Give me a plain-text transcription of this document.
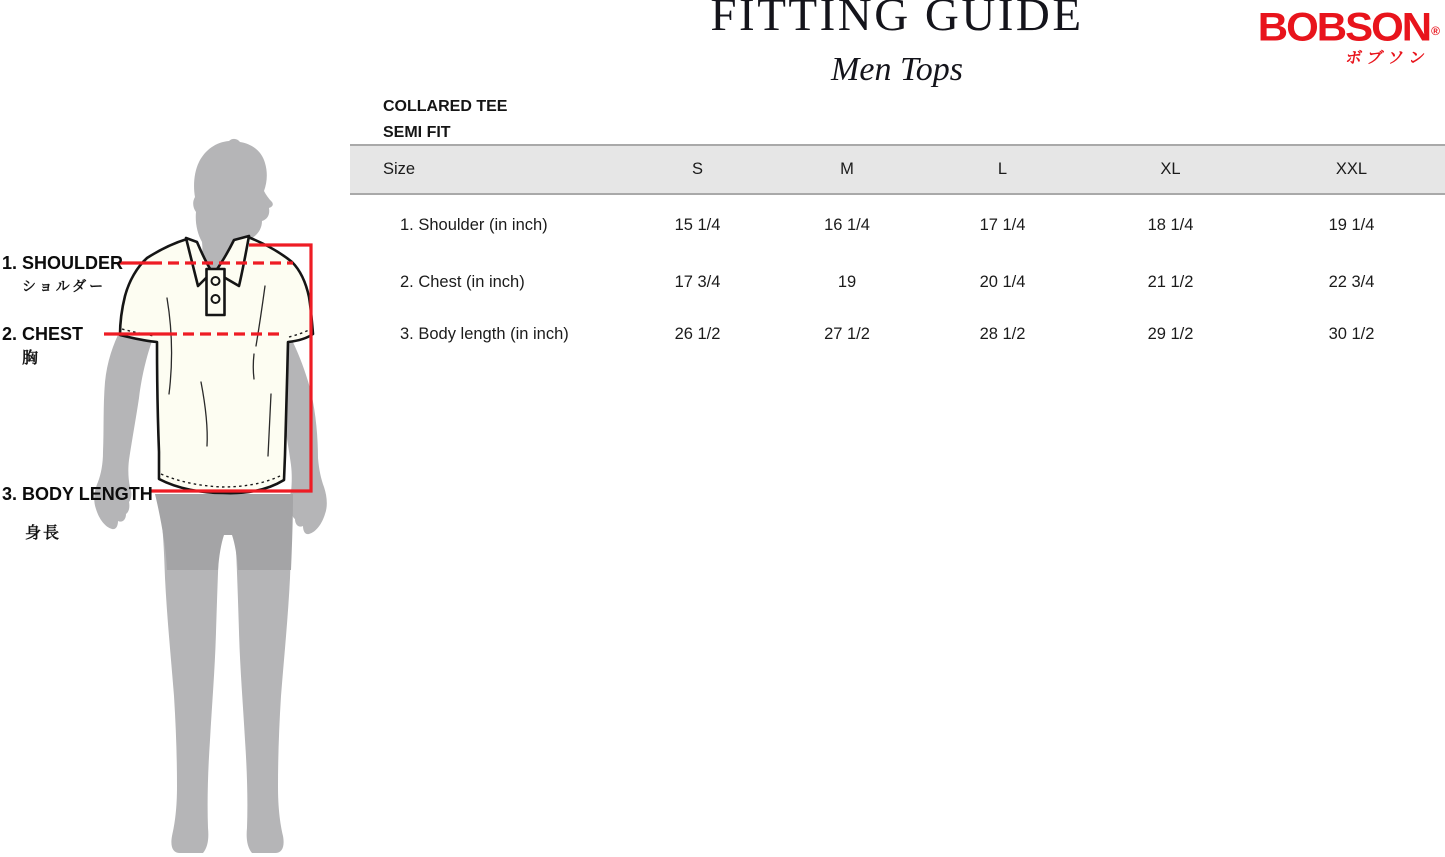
FITTING GUIDE
Men Tops
BOBSON®
ボブソン
1. SHOULDER
ショルダー
2. CHEST
胸
3. BODY LENGTH
身長
COLLARED TEE
SEMI FIT
Size	S	M	L	XL	XXL
1. Shoulder (in inch)	15 1/4	16 1/4	17 1/4	18 1/4	19 1/4
2. Chest (in inch)	17 3/4	19	20 1/4	21 1/2	22 3/4
3. Body length (in inch)	26 1/2	27 1/2	28 1/2	29 1/2	30 1/2
